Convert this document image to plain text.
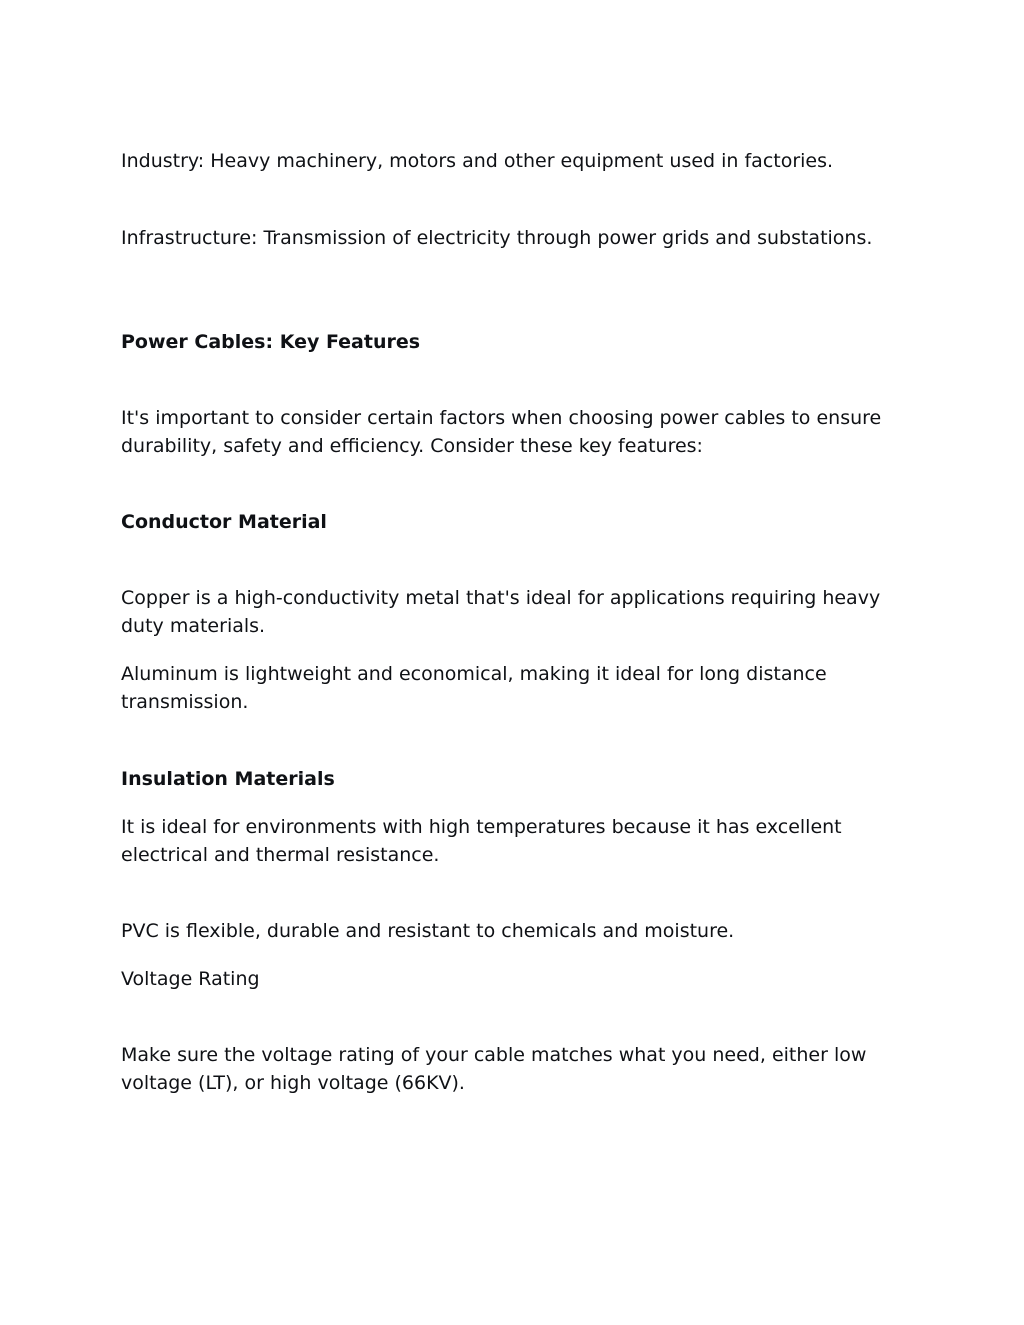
Industry: Heavy machinery, motors and other equipment used in factories.

Infrastructure: Transmission of electricity through power grids and substations.

Power Cables: Key Features

It's important to consider certain factors when choosing power cables to ensure durability, safety and efficiency. Consider these key features:

Conductor Material

Copper is a high-conductivity metal that's ideal for applications requiring heavy duty materials.

Aluminum is lightweight and economical, making it ideal for long distance transmission.

Insulation Materials

It is ideal for environments with high temperatures because it has excellent electrical and thermal resistance.

PVC is flexible, durable and resistant to chemicals and moisture.

Voltage Rating

Make sure the voltage rating of your cable matches what you need, either low voltage (LT), or high voltage (66KV).
